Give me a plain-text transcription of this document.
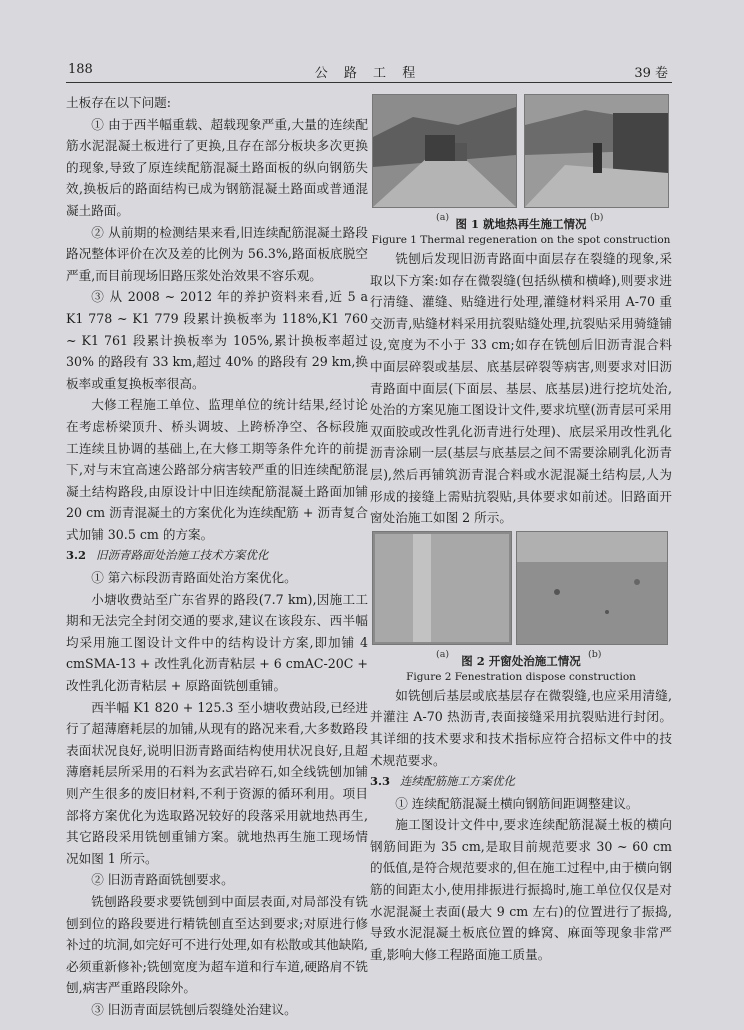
188	公 路 工 程	39 卷

土板存在以下问题:

① 由于西半幅重载、超载现象严重,大量的连续配筋水泥混凝土板进行了更换,且存在部分板块多次更换的现象,导致了原连续配筋混凝土路面板的纵向钢筋失效,换板后的路面结构已成为钢筋混凝土路面或普通混凝土路面。

② 从前期的检测结果来看,旧连续配筋混凝土路段路况整体评价在次及差的比例为 56.3%,路面板底脱空严重,而目前现场旧路压浆处治效果不容乐观。

③ 从 2008 ~ 2012 年的养护资料来看,近 5 a K1 778 ~ K1 779 段累计换板率为 118%,K1 760 ~ K1 761 段累计换板率为 105%,累计换板率超过 30% 的路段有 33 km,超过 40% 的路段有 29 km,换板率或重复换板率很高。

大修工程施工单位、监理单位的统计结果,经讨论在考虑桥梁顶升、桥头调坡、上跨桥净空、各标段施工连续且协调的基础上,在大修工期等条件允许的前提下,对与末宜高速公路部分病害较严重的旧连续配筋混凝土结构路段,由原设计中旧连续配筋混凝土路面加铺 20 cm 沥青混凝土的方案优化为连续配筋 + 沥青复合式加铺 30.5 cm 的方案。

3.2 旧沥青路面处治施工技术方案优化

① 第六标段沥青路面处治方案优化。

小塘收费站至广东省界的路段(7.7 km),因施工工期和无法完全封闭交通的要求,建议在该段东、西半幅均采用施工图设计文件中的结构设计方案,即加铺 4 cmSMA-13 + 改性乳化沥青粘层 + 6 cmAC-20C + 改性乳化沥青粘层 + 原路面铣刨重铺。

西半幅 K1 820 + 125.3 至小塘收费站段,已经进行了超薄磨耗层的加铺,从现有的路况来看,大多数路段表面状况良好,说明旧沥青路面结构使用状况良好,且超薄磨耗层所采用的石料为玄武岩碎石,如全线铣刨加铺则产生很多的废旧材料,不利于资源的循环利用。项目部将方案优化为选取路况较好的段落采用就地热再生,其它路段采用铣刨重铺方案。就地热再生施工现场情况如图 1 所示。

② 旧沥青路面铣刨要求。

铣刨路段要求要铣刨到中面层表面,对局部没有铣刨到位的路段要进行精铣刨直至达到要求;对原进行修补过的坑洞,如完好可不进行处理,如有松散或其他缺陷,必须重新修补;铣刨宽度为超车道和行车道,硬路肩不铣刨,病害严重路段除外。

③ 旧沥青面层铣刨后裂缝处治建议。

(a)	(b)
图 1 就地热再生施工情况
Figure 1 Thermal regeneration on the spot construction

铣刨后发现旧沥青路面中面层存在裂缝的现象,采取以下方案:如存在微裂缝(包括纵横和横峰),则要求进行清缝、灌缝、贴缝进行处理,灌缝材料采用 A-70 重交沥青,贴缝材料采用抗裂贴缝处理,抗裂贴采用骑缝铺设,宽度为不小于 33 cm;如存在铣刨后旧沥青混合料中面层碎裂或基层、底基层碎裂等病害,则要求对旧沥青路面中面层(下面层、基层、底基层)进行挖坑处治,处治的方案见施工图设计文件,要求坑壁(沥青层可采用双面胶或改性乳化沥青进行处理)、底层采用改性乳化沥青涂刷一层(基层与底基层之间不需要涂刷乳化沥青层),然后再铺筑沥青混合料或水泥混凝土结构层,人为形成的接缝上需贴抗裂贴,具体要求如前述。旧路面开窗处治施工如图 2 所示。

(a)	(b)
图 2 开窗处治施工情况
Figure 2 Fenestration dispose construction

如铣刨后基层或底基层存在微裂缝,也应采用清缝,并灌注 A-70 热沥青,表面接缝采用抗裂贴进行封闭。其详细的技术要求和技术指标应符合招标文件中的技术规范要求。

3.3 连续配筋施工方案优化

① 连续配筋混凝土横向钢筋间距调整建议。

施工图设计文件中,要求连续配筋混凝土板的横向钢筋间距为 35 cm,是取目前规范要求 30 ~ 60 cm 的低值,是符合规范要求的,但在施工过程中,由于横向钢筋的间距太小,使用排振进行振捣时,施工单位仅仅是对水泥混凝土表面(最大 9 cm 左右)的位置进行了振捣,导致水泥混凝土板底位置的蜂窝、麻面等现象非常严重,影响大修工程路面施工质量。
